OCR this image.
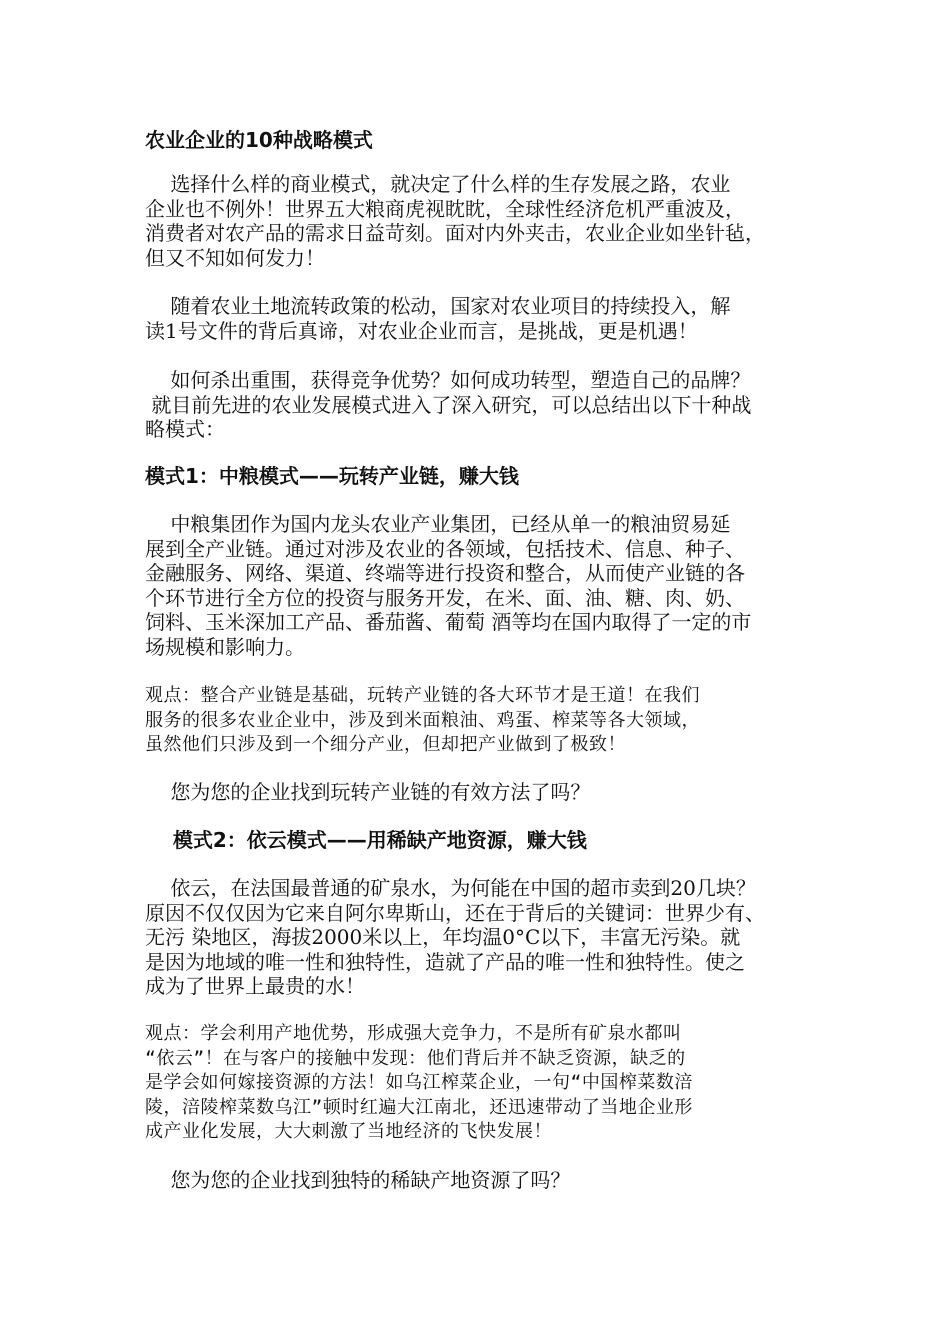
农业企业的10种战略模式
选择什么样的商业模式，就决定了什么样的生存发展之路，农业
企业也不例外！世界五大粮商虎视眈眈，全球性经济危机严重波及，
消费者对农产品的需求日益苛刻。面对内外夹击，农业企业如坐针毡，
但又不知如何发力！
随着农业土地流转政策的松动，国家对农业项目的持续投入，解
读1号文件的背后真谛，对农业企业而言，是挑战，更是机遇！
如何杀出重围，获得竞争优势？如何成功转型，塑造自己的品牌？
就目前先进的农业发展模式进入了深入研究，可以总结出以下十种战
略模式：
模式1：中粮模式——玩转产业链，赚大钱
中粮集团作为国内龙头农业产业集团，已经从单一的粮油贸易延
展到全产业链。通过对涉及农业的各领域，包括技术、信息、种子、
金融服务、网络、渠道、终端等进行投资和整合，从而使产业链的各
个环节进行全方位的投资与服务开发，在米、面、油、糖、肉、奶、
饲料、玉米深加工产品、番茄酱、葡萄 酒等均在国内取得了一定的市
场规模和影响力。
观点：整合产业链是基础，玩转产业链的各大环节才是王道！在我们
服务的很多农业企业中，涉及到米面粮油、鸡蛋、榨菜等各大领域，
虽然他们只涉及到一个细分产业，但却把产业做到了极致！
您为您的企业找到玩转产业链的有效方法了吗？
模式2：依云模式——用稀缺产地资源，赚大钱
依云，在法国最普通的矿泉水，为何能在中国的超市卖到20几块？
原因不仅仅因为它来自阿尔卑斯山，还在于背后的关键词：世界少有、
无污 染地区，海拔2000米以上，年均温0°C以下，丰富无污染。就
是因为地域的唯一性和独特性，造就了产品的唯一性和独特性。使之
成为了世界上最贵的水！
观点：学会利用产地优势，形成强大竞争力，不是所有矿泉水都叫
“依云”！在与客户的接触中发现：他们背后并不缺乏资源，缺乏的
是学会如何嫁接资源的方法！如乌江榨菜企业，一句“中国榨菜数涪
陵，涪陵榨菜数乌江”顿时红遍大江南北，还迅速带动了当地企业形
成产业化发展，大大刺激了当地经济的飞快发展！
您为您的企业找到独特的稀缺产地资源了吗？
